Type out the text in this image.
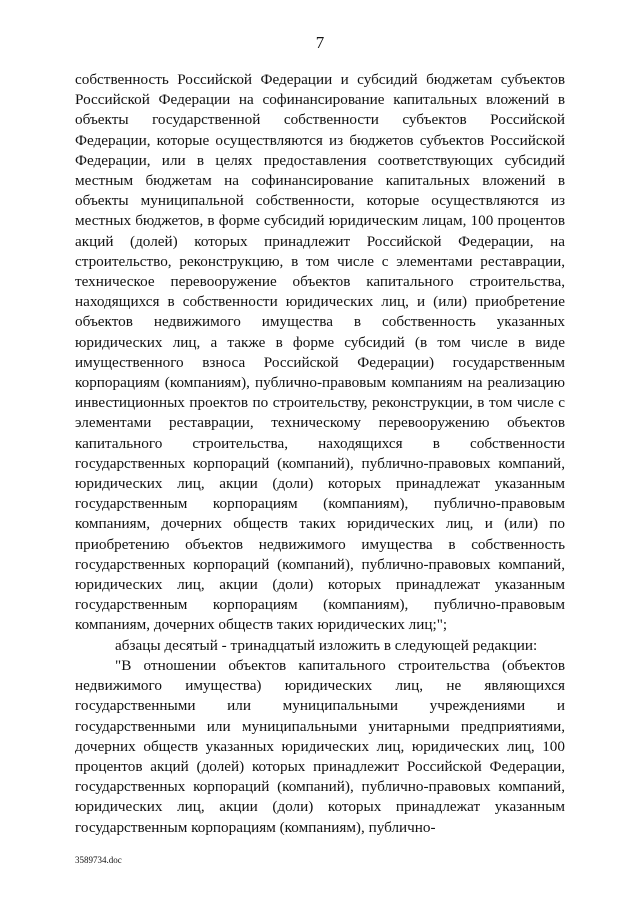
7

собственность Российской Федерации и субсидий бюджетам субъектов Российской Федерации на софинансирование капитальных вложений в объекты государственной собственности субъектов Российской Федерации, которые осуществляются из бюджетов субъектов Российской Федерации, или в целях предоставления соответствующих субсидий местным бюджетам на софинансирование капитальных вложений в объекты муниципальной собственности, которые осуществляются из местных бюджетов, в форме субсидий юридическим лицам, 100 процентов акций (долей) которых принадлежит Российской Федерации, на строительство, реконструкцию, в том числе с элементами реставрации, техническое перевооружение объектов капитального строительства, находящихся в собственности юридических лиц, и (или) приобретение объектов недвижимого имущества в собственность указанных юридических лиц, а также в форме субсидий (в том числе в виде имущественного взноса Российской Федерации) государственным корпорациям (компаниям), публично-правовым компаниям на реализацию инвестиционных проектов по строительству, реконструкции, в том числе с элементами реставрации, техническому перевооружению объектов капитального строительства, находящихся в собственности государственных корпораций (компаний), публично-правовых компаний, юридических лиц, акции (доли) которых принадлежат указанным государственным корпорациям (компаниям), публично-правовым компаниям, дочерних обществ таких юридических лиц, и (или) по приобретению объектов недвижимого имущества в собственность государственных корпораций (компаний), публично-правовых компаний, юридических лиц, акции (доли) которых принадлежат указанным государственным корпорациям (компаниям), публично-правовым компаниям, дочерних обществ таких юридических лиц;";

абзацы десятый - тринадцатый изложить в следующей редакции:

"В отношении объектов капитального строительства (объектов недвижимого имущества) юридических лиц, не являющихся государственными или муниципальными учреждениями и государственными или муниципальными унитарными предприятиями, дочерних обществ указанных юридических лиц, юридических лиц, 100 процентов акций (долей) которых принадлежит Российской Федерации, государственных корпораций (компаний), публично-правовых компаний, юридических лиц, акции (доли) которых принадлежат указанным государственным корпорациям (компаниям), публично-

3589734.doc
